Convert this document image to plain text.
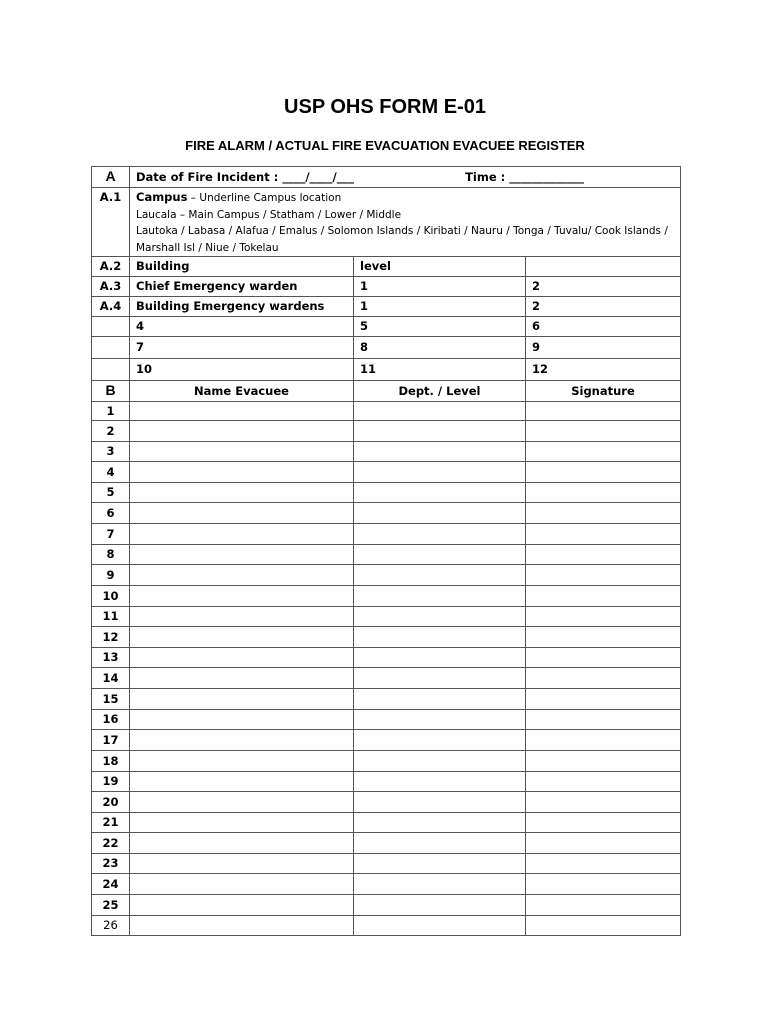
USP OHS FORM E-01
FIRE ALARM / ACTUAL FIRE EVACUATION EVACUEE REGISTER
A	Date of Fire Incident : ____/____/___ Time : _____________		

A.1	Campus – Underline Campus location
Laucala – Main Campus / Statham / Lower / Middle
Lautoka / Labasa / Alafua / Emalus / Solomon Islands / Kiribati / Nauru / Tonga / Tuvalu/ Cook Islands / Marshall Isl / Niue / Tokelau		
A.2	Building	level	
A.3	Chief Emergency warden	1	2
A.4	Building Emergency wardens	1	2
	4	5	6
	7	8	9
	10	11	12
B	Name Evacuee	Dept. / Level	Signature
1			
2			
3			
4			
5			
6			
7			
8			
9			
10			
11			
12			
13			
14			
15			
16			
17			
18			
19			
20			
21			
22			
23			
24			
25			
26			
